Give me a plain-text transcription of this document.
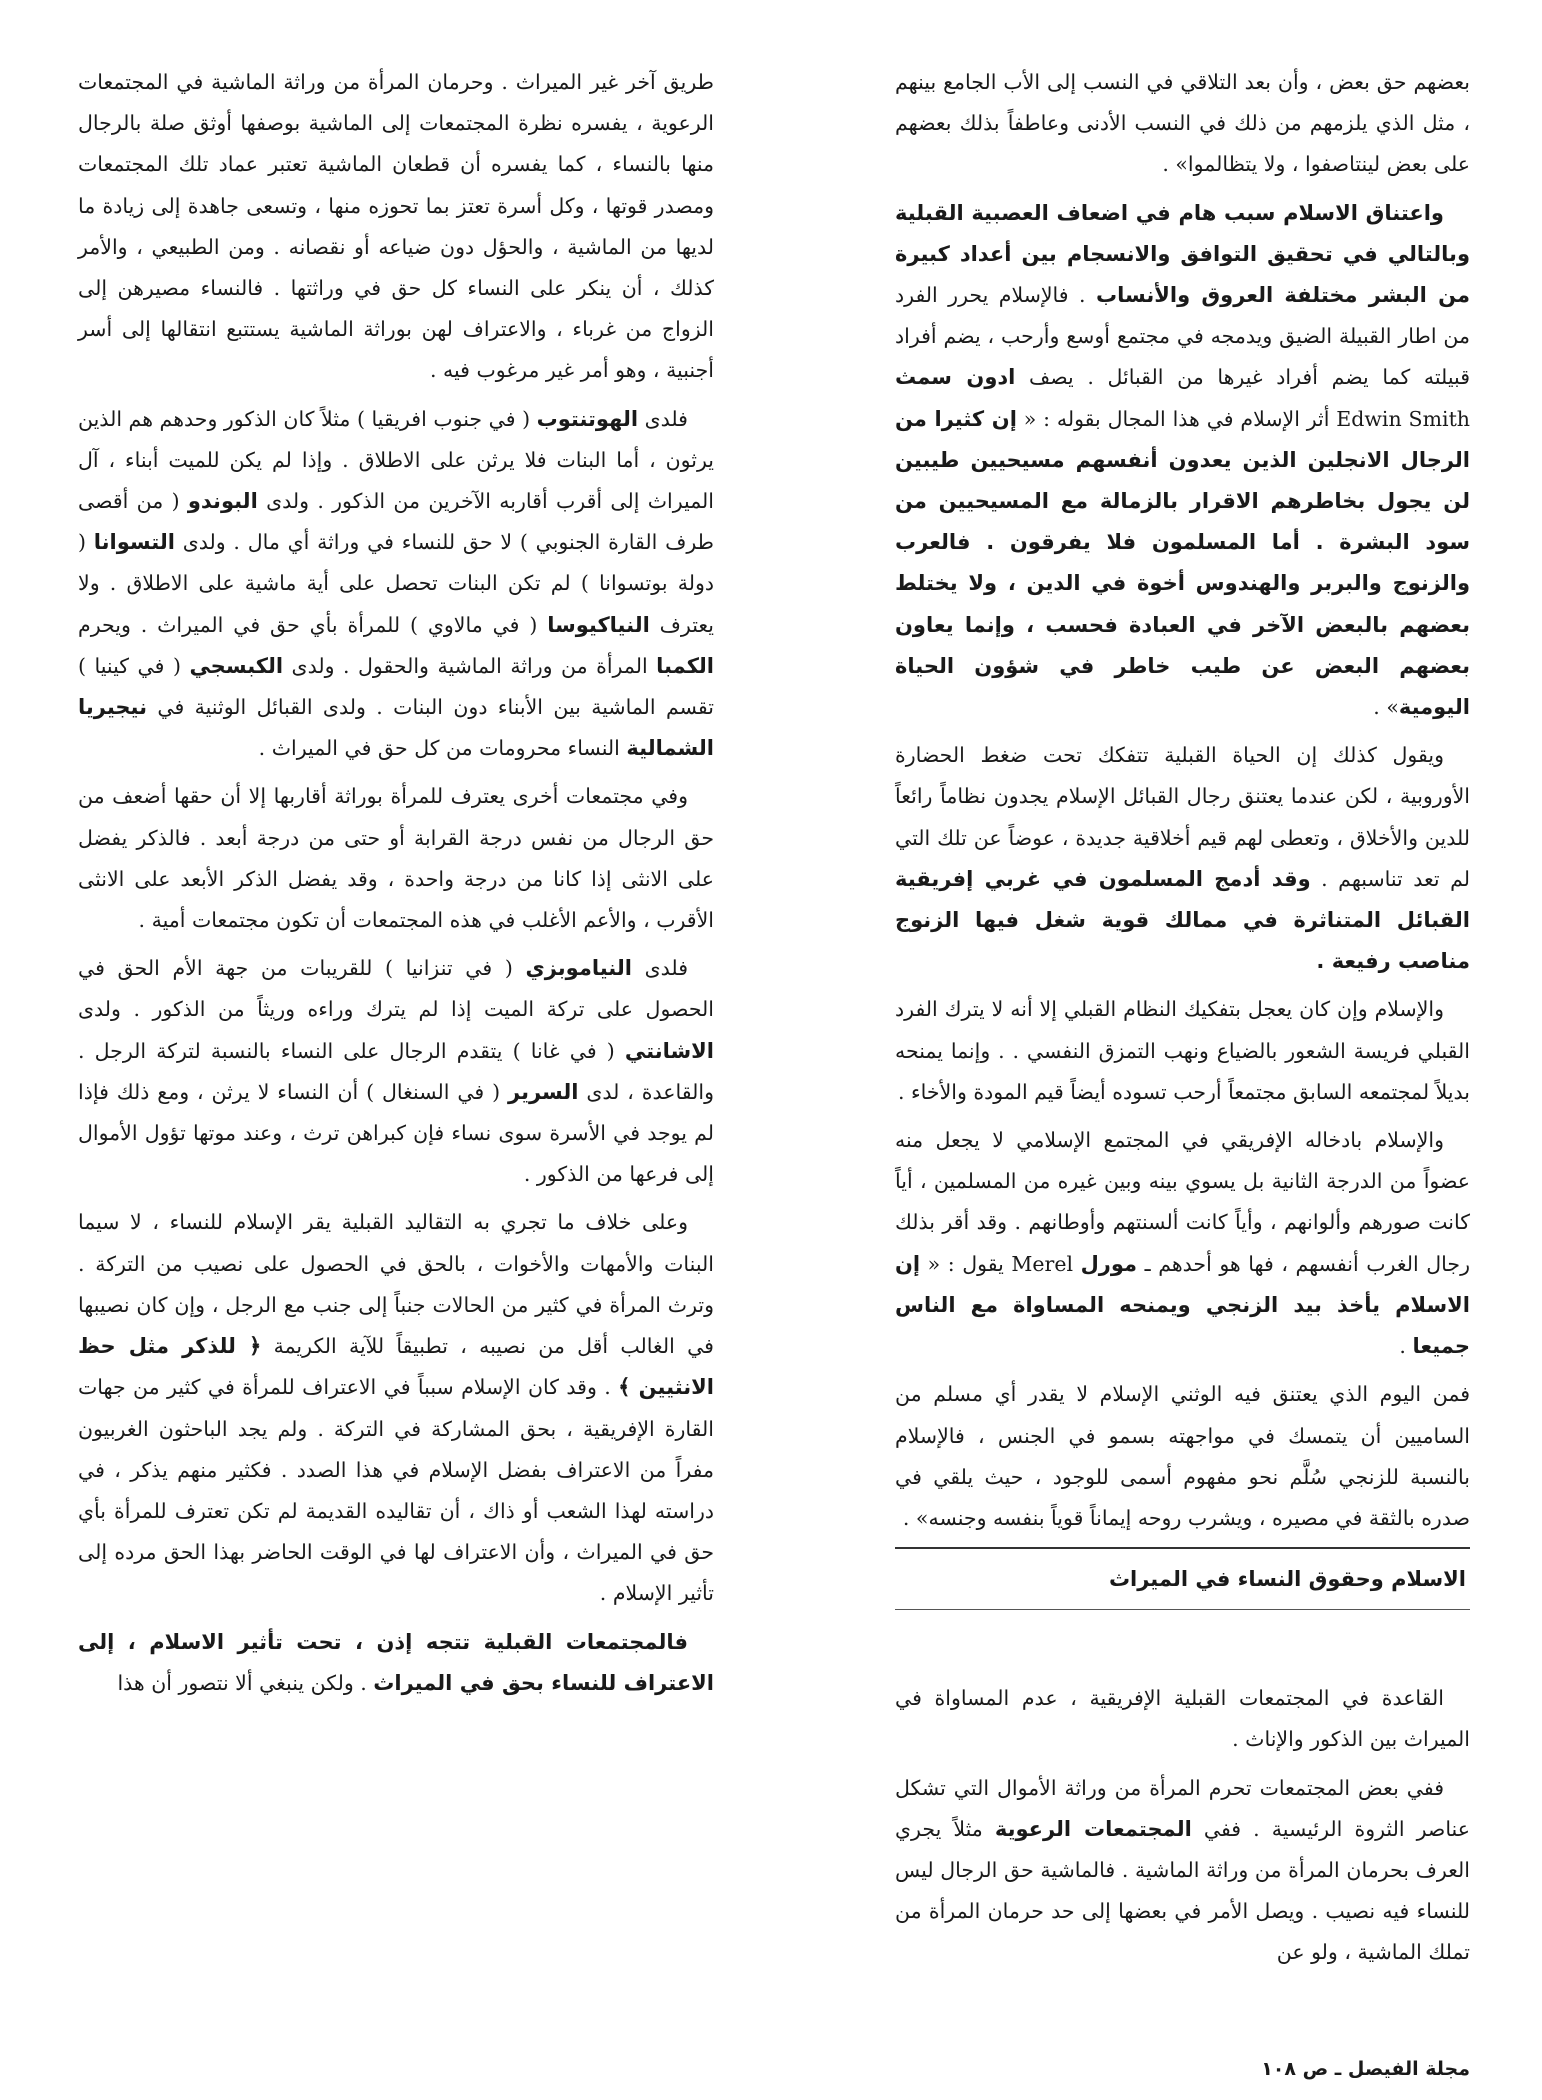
بعضهم حق بعض ، وأن بعد التلاقي في النسب إلى الأب الجامع بينهم ، مثل الذي يلزمهم من ذلك في النسب الأدنى وعاطفاً بذلك بعضهم على بعض لينتاصفوا ، ولا يتظالموا» .

واعتناق الاسلام سبب هام في اضعاف العصبية القبلية وبالتالي في تحقيق التوافق والانسجام بين أعداد كبيرة من البشر مختلفة العروق والأنساب . فالإسلام يحرر الفرد من اطار القبيلة الضيق ويدمجه في مجتمع أوسع وأرحب ، يضم أفراد قبيلته كما يضم أفراد غيرها من القبائل . يصف ادون سمث Edwin Smith أثر الإسلام في هذا المجال بقوله : « إن كثيرا من الرجال الانجلين الذين يعدون أنفسهم مسيحيين طيبين لن يجول بخاطرهم الاقرار بالزمالة مع المسيحيين من سود البشرة . أما المسلمون فلا يفرقون . فالعرب والزنوج والبربر والهندوس أخوة في الدين ، ولا يختلط بعضهم بالبعض الآخر في العبادة فحسب ، وإنما يعاون بعضهم البعض عن طيب خاطر في شؤون الحياة اليومية» .

ويقول كذلك إن الحياة القبلية تتفكك تحت ضغط الحضارة الأوروبية ، لكن عندما يعتنق رجال القبائل الإسلام يجدون نظاماً رائعاً للدين والأخلاق ، وتعطى لهم قيم أخلاقية جديدة ، عوضاً عن تلك التي لم تعد تناسبهم . وقد أدمج المسلمون في غربي إفريقية القبائل المتناثرة في ممالك قوية شغل فيها الزنوج مناصب رفيعة .

والإسلام وإن كان يعجل بتفكيك النظام القبلي إلا أنه لا يترك الفرد القبلي فريسة الشعور بالضياع ونهب التمزق النفسي . . وإنما يمنحه بديلاً لمجتمعه السابق مجتمعاً أرحب تسوده أيضاً قيم المودة والأخاء .

والإسلام بادخاله الإفريقي في المجتمع الإسلامي لا يجعل منه عضواً من الدرجة الثانية بل يسوي بينه وبين غيره من المسلمين ، أياً كانت صورهم وألوانهم ، وأياً كانت ألسنتهم وأوطانهم . وقد أقر بذلك رجال الغرب أنفسهم ، فها هو أحدهم ـ مورل Merel يقول : « إن الاسلام يأخذ بيد الزنجي ويمنحه المساواة مع الناس جميعا .

فمن اليوم الذي يعتنق فيه الوثني الإسلام لا يقدر أي مسلم من الساميين أن يتمسك في مواجهته بسمو في الجنس ، فالإسلام بالنسبة للزنجي سُلَّم نحو مفهوم أسمى للوجود ، حيث يلقي في صدره بالثقة في مصيره ، ويشرب روحه إيماناً قوياً بنفسه وجنسه» .

الاسلام وحقوق النساء في الميراث

القاعدة في المجتمعات القبلية الإفريقية ، عدم المساواة في الميراث بين الذكور والإناث .

ففي بعض المجتمعات تحرم المرأة من وراثة الأموال التي تشكل عناصر الثروة الرئيسية . ففي المجتمعات الرعوية مثلاً يجري العرف بحرمان المرأة من وراثة الماشية . فالماشية حق الرجال ليس للنساء فيه نصيب . ويصل الأمر في بعضها إلى حد حرمان المرأة من تملك الماشية ، ولو عن

طريق آخر غير الميراث . وحرمان المرأة من وراثة الماشية في المجتمعات الرعوية ، يفسره نظرة المجتمعات إلى الماشية بوصفها أوثق صلة بالرجال منها بالنساء ، كما يفسره أن قطعان الماشية تعتبر عماد تلك المجتمعات ومصدر قوتها ، وكل أسرة تعتز بما تحوزه منها ، وتسعى جاهدة إلى زيادة ما لديها من الماشية ، والحؤل دون ضياعه أو نقصانه . ومن الطبيعي ، والأمر كذلك ، أن ينكر على النساء كل حق في وراثتها . فالنساء مصيرهن إلى الزواج من غرباء ، والاعتراف لهن بوراثة الماشية يستتبع انتقالها إلى أسر أجنبية ، وهو أمر غير مرغوب فيه .

فلدى الهوتنتوب ( في جنوب افريقيا ) مثلاً كان الذكور وحدهم هم الذين يرثون ، أما البنات فلا يرثن على الاطلاق . وإذا لم يكن للميت أبناء ، آل الميراث إلى أقرب أقاربه الآخرين من الذكور . ولدى البوندو ( من أقصى طرف القارة الجنوبي ) لا حق للنساء في وراثة أي مال . ولدى التسوانا ( دولة بوتسوانا ) لم تكن البنات تحصل على أية ماشية على الاطلاق . ولا يعترف النياكيوسا ( في مالاوي ) للمرأة بأي حق في الميراث . ويحرم الكمبا المرأة من وراثة الماشية والحقول . ولدى الكبسجي ( في كينيا ) تقسم الماشية بين الأبناء دون البنات . ولدى القبائل الوثنية في نيجيريا الشمالية النساء محرومات من كل حق في الميراث .

وفي مجتمعات أخرى يعترف للمرأة بوراثة أقاربها إلا أن حقها أضعف من حق الرجال من نفس درجة القرابة أو حتى من درجة أبعد . فالذكر يفضل على الانثى إذا كانا من درجة واحدة ، وقد يفضل الذكر الأبعد على الانثى الأقرب ، والأعم الأغلب في هذه المجتمعات أن تكون مجتمعات أمية .

فلدى النياموبزي ( في تنزانيا ) للقريبات من جهة الأم الحق في الحصول على تركة الميت إذا لم يترك وراءه وريثاً من الذكور . ولدى الاشانتي ( في غانا ) يتقدم الرجال على النساء بالنسبة لتركة الرجل . والقاعدة ، لدى السرير ( في السنغال ) أن النساء لا يرثن ، ومع ذلك فإذا لم يوجد في الأسرة سوى نساء فإن كبراهن ترث ، وعند موتها تؤول الأموال إلى فرعها من الذكور .

وعلى خلاف ما تجري به التقاليد القبلية يقر الإسلام للنساء ، لا سيما البنات والأمهات والأخوات ، بالحق في الحصول على نصيب من التركة . وترث المرأة في كثير من الحالات جنباً إلى جنب مع الرجل ، وإن كان نصيبها في الغالب أقل من نصيبه ، تطبيقاً للآية الكريمة ﴿ للذكر مثل حظ الانثيين ﴾ . وقد كان الإسلام سبباً في الاعتراف للمرأة في كثير من جهات القارة الإفريقية ، بحق المشاركة في التركة . ولم يجد الباحثون الغربيون مفراً من الاعتراف بفضل الإسلام في هذا الصدد . فكثير منهم يذكر ، في دراسته لهذا الشعب أو ذاك ، أن تقاليده القديمة لم تكن تعترف للمرأة بأي حق في الميراث ، وأن الاعتراف لها في الوقت الحاضر بهذا الحق مرده إلى تأثير الإسلام .

فالمجتمعات القبلية تتجه إذن ، تحت تأثير الاسلام ، إلى الاعتراف للنساء بحق في الميراث . ولكن ينبغي ألا نتصور أن هذا

مجلة الفيصل ـ ص ١٠٨
